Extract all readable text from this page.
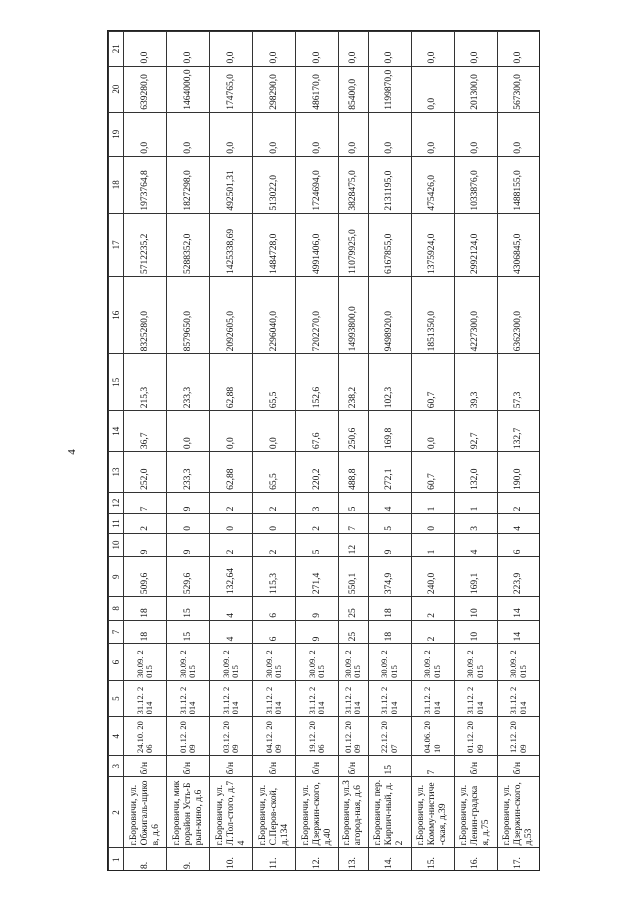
4
1	2	3	4	5	6	7	8	9	10	11	12	13	14	15	16	17	18	19	20	21
8.	г.Боровичи, ул.Обжигаль-щиков, д.6	б/н	24.10. 2006	31.12. 2014	30.09. 2015	18	18	509,6	9	2	7	252,0	36,7	215,3	8325280,0	5712235,2	1973764,8	0,0	639280,0	0,0
9.	г.Боровичи, микрорайон Усть-Брын-кино, д.6	б/н	01.12. 2009	31.12. 2014	30.09. 2015	15	15	529,6	9	0	9	233,3	0,0	233,3	8579650,0	5288352,0	1827298,0	0,0	1464000,0	0,0
10.	г.Боровичи, ул.Л.Тол-стого, д.74	б/н	03.12. 2009	31.12. 2014	30.09. 2015	4	4	132,64	2	0	2	62,88	0,0	62,88	2092605,0	1425338,69	492501,31	0,0	174765,0	0,0
11.	г.Боровичи, ул.С.Перов-ской, д.134	б/н	04.12. 2009	31.12. 2014	30.09. 2015	6	6	115,3	2	0	2	65,5	0,0	65,5	2296040,0	1484728,0	513022,0	0,0	298290,0	0,0
12.	г.Боровичи, ул.Дзержин-ского, д.40	б/н	19.12. 2006	31.12. 2014	30.09. 2015	9	9	271,4	5	2	3	220,2	67,6	152,6	7202270,0	4991406,0	1724694,0	0,0	486170,0	0,0
13.	г.Боровичи, ул.Загород-ная, д.6	б/н	01.12. 2009	31.12. 2014	30.09. 2015	25	25	550,1	12	7	5	488,8	250,6	238,2	14993800,0	11079925,0	3828475,0	0,0	85400,0	0,0
14.	г.Боровичи, пер.Кирпич-ный, д.2	15	22.12. 2007	31.12. 2014	30.09. 2015	18	18	374,9	9	5	4	272,1	169,8	102,3	9498920,0	6167855,0	2131195,0	0,0	1199870,0	0,0
15.	г.Боровичи, ул.Комму-нистиче-ская, д.39	7	04.06. 2010	31.12. 2014	30.09. 2015	2	2	240,0	1	0	1	60,7	0,0	60,7	1851350,0	1375924,0	475426,0	0,0	0,0	0,0
16.	г.Боровичи, ул.Ленин-градская, д.75	б/н	01.12. 2009	31.12. 2014	30.09. 2015	10	10	169,1	4	3	1	132,0	92,7	39,3	4227300,0	2992124,0	1033876,0	0,0	201300,0	0,0
17.	г.Боровичи, ул.Дзержин-ского, д.53	б/н	12.12. 2009	31.12. 2014	30.09. 2015	14	14	223,9	6	4	2	190,0	132,7	57,3	6362300,0	4306845,0	1488155,0	0,0	567300,0	0,0
